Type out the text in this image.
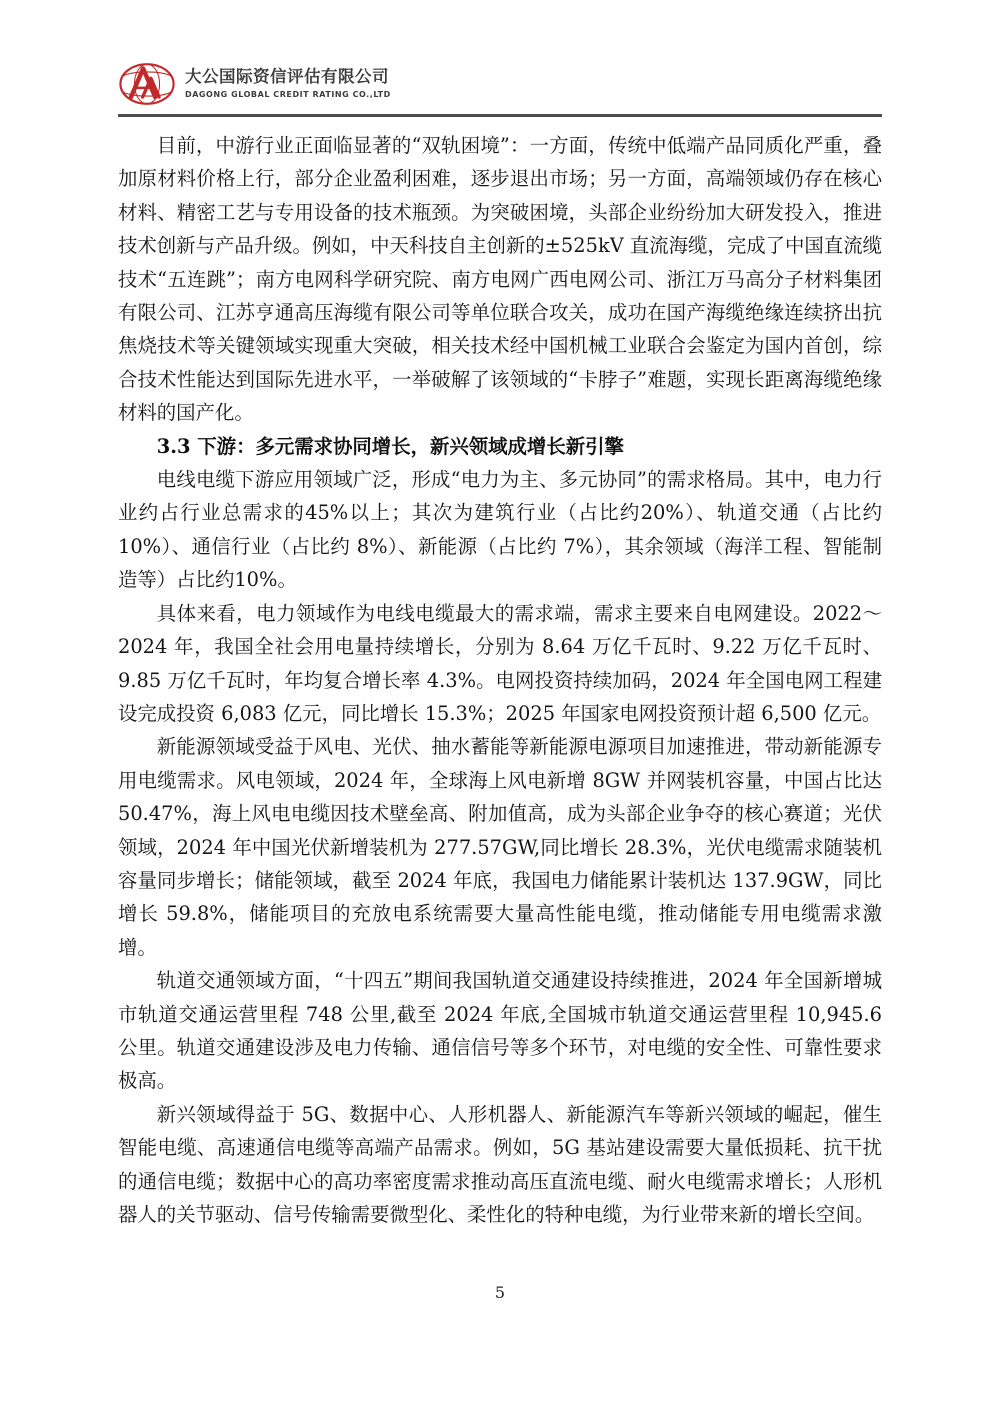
大公国际资信评估有限公司
DAGONG GLOBAL CREDIT RATING CO.,LTD

目前，中游行业正面临显著的“双轨困境”：一方面，传统中低端产品同质化严重，叠加原材料价格上行，部分企业盈利困难，逐步退出市场；另一方面，高端领域仍存在核心材料、精密工艺与专用设备的技术瓶颈。为突破困境，头部企业纷纷加大研发投入，推进技术创新与产品升级。例如，中天科技自主创新的±525kV 直流海缆，完成了中国直流缆技术“五连跳”；南方电网科学研究院、南方电网广西电网公司、浙江万马高分子材料集团有限公司、江苏亨通高压海缆有限公司等单位联合攻关，成功在国产海缆绝缘连续挤出抗焦烧技术等关键领域实现重大突破，相关技术经中国机械工业联合会鉴定为国内首创，综合技术性能达到国际先进水平，一举破解了该领域的“卡脖子”难题，实现长距离海缆绝缘材料的国产化。

3.3 下游：多元需求协同增长，新兴领域成增长新引擎

电线电缆下游应用领域广泛，形成“电力为主、多元协同”的需求格局。其中，电力行业约占行业总需求的45%以上；其次为建筑行业（占比约20%）、轨道交通（占比约10%）、通信行业（占比约 8%）、新能源（占比约 7%），其余领域（海洋工程、智能制造等）占比约10%。

具体来看，电力领域作为电线电缆最大的需求端，需求主要来自电网建设。2022～2024 年，我国全社会用电量持续增长，分别为 8.64 万亿千瓦时、9.22 万亿千瓦时、9.85 万亿千瓦时，年均复合增长率 4.3%。电网投资持续加码，2024 年全国电网工程建设完成投资 6,083 亿元，同比增长 15.3%；2025 年国家电网投资预计超 6,500 亿元。

新能源领域受益于风电、光伏、抽水蓄能等新能源电源项目加速推进，带动新能源专用电缆需求。风电领域，2024 年，全球海上风电新增 8GW 并网装机容量，中国占比达 50.47%，海上风电电缆因技术壁垒高、附加值高，成为头部企业争夺的核心赛道；光伏领域，2024 年中国光伏新增装机为 277.57GW,同比增长 28.3%，光伏电缆需求随装机容量同步增长；储能领域，截至 2024 年底，我国电力储能累计装机达 137.9GW，同比增长 59.8%，储能项目的充放电系统需要大量高性能电缆，推动储能专用电缆需求激增。

轨道交通领域方面，“十四五”期间我国轨道交通建设持续推进，2024 年全国新增城市轨道交通运营里程 748 公里,截至 2024 年底,全国城市轨道交通运营里程 10,945.6 公里。轨道交通建设涉及电力传输、通信信号等多个环节，对电缆的安全性、可靠性要求极高。

新兴领域得益于 5G、数据中心、人形机器人、新能源汽车等新兴领域的崛起，催生智能电缆、高速通信电缆等高端产品需求。例如，5G 基站建设需要大量低损耗、抗干扰的通信电缆；数据中心的高功率密度需求推动高压直流电缆、耐火电缆需求增长；人形机器人的关节驱动、信号传输需要微型化、柔性化的特种电缆，为行业带来新的增长空间。

5
